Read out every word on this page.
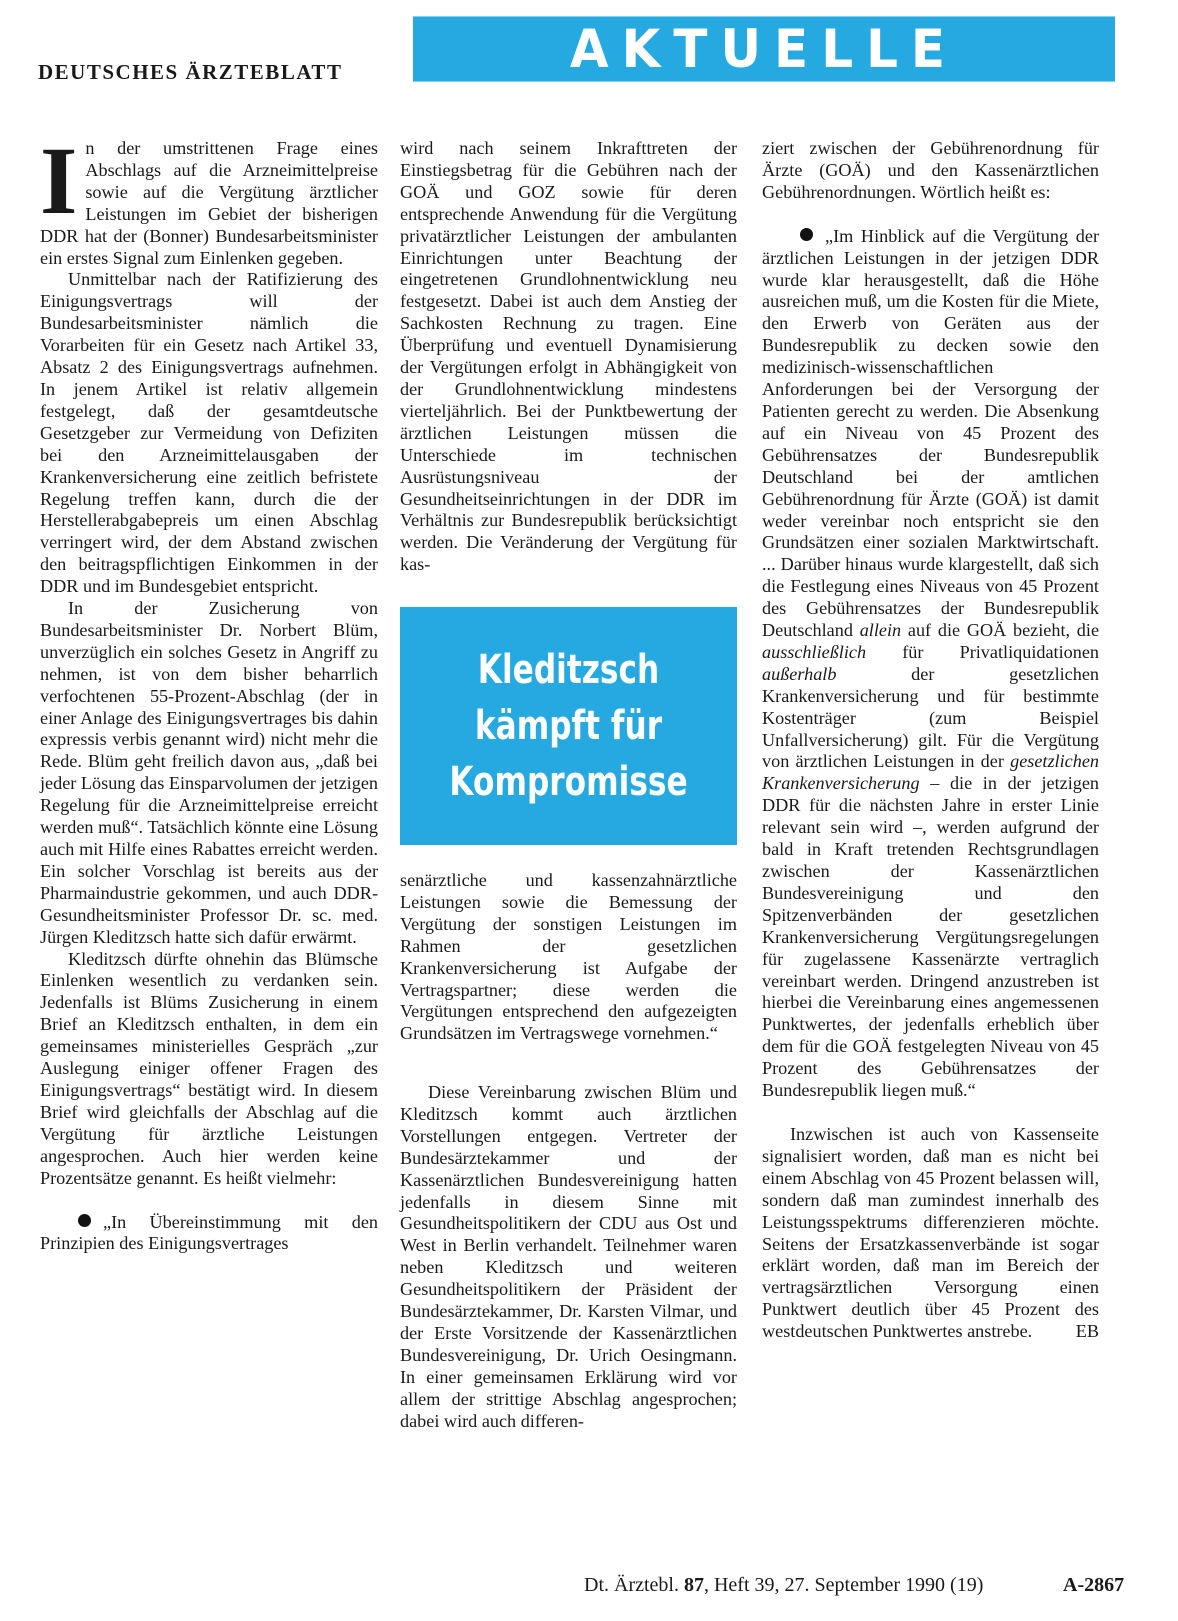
DEUTSCHES ÄRZTEBLATT	AKTUELLE POLITIK

In der umstrittenen Frage eines Abschlags auf die Arzneimittelpreise sowie auf die Vergütung ärztlicher Leistungen im Gebiet der bisherigen DDR hat der (Bonner) Bundesarbeitsminister ein erstes Signal zum Einlenken gegeben.

Unmittelbar nach der Ratifizierung des Einigungsvertrags will der Bundesarbeitsminister nämlich die Vorarbeiten für ein Gesetz nach Artikel 33, Absatz 2 des Einigungsvertrags aufnehmen. In jenem Artikel ist relativ allgemein festgelegt, daß der gesamtdeutsche Gesetzgeber zur Vermeidung von Defiziten bei den Arzneimittelausgaben der Krankenversicherung eine zeitlich befristete Regelung treffen kann, durch die der Herstellerabgabepreis um einen Abschlag verringert wird, der dem Abstand zwischen den beitragspflichtigen Einkommen in der DDR und im Bundesgebiet entspricht.

In der Zusicherung von Bundesarbeitsminister Dr. Norbert Blüm, unverzüglich ein solches Gesetz in Angriff zu nehmen, ist von dem bisher beharrlich verfochtenen 55-Prozent-Abschlag (der in einer Anlage des Einigungsvertrages bis dahin expressis verbis genannt wird) nicht mehr die Rede. Blüm geht freilich davon aus, „daß bei jeder Lösung das Einsparvolumen der jetzigen Regelung für die Arzneimittelpreise erreicht werden muß“. Tatsächlich könnte eine Lösung auch mit Hilfe eines Rabattes erreicht werden. Ein solcher Vorschlag ist bereits aus der Pharmaindustrie gekommen, und auch DDR-Gesundheitsminister Professor Dr. sc. med. Jürgen Kleditzsch hatte sich dafür erwärmt.

Kleditzsch dürfte ohnehin das Blümsche Einlenken wesentlich zu verdanken sein. Jedenfalls ist Blüms Zusicherung in einem Brief an Kleditzsch enthalten, in dem ein gemeinsames ministerielles Gespräch „zur Auslegung einiger offener Fragen des Einigungsvertrags“ bestätigt wird. In diesem Brief wird gleichfalls der Abschlag auf die Vergütung für ärztliche Leistungen angesprochen. Auch hier werden keine Prozentsätze genannt. Es heißt vielmehr:

„In Übereinstimmung mit den Prinzipien des Einigungsvertrages

wird nach seinem Inkrafttreten der Einstiegsbetrag für die Gebühren nach der GOÄ und GOZ sowie für deren entsprechende Anwendung für die Vergütung privatärztlicher Leistungen der ambulanten Einrichtungen unter Beachtung der eingetretenen Grundlohnentwicklung neu festgesetzt. Dabei ist auch dem Anstieg der Sachkosten Rechnung zu tragen. Eine Überprüfung und eventuell Dynamisierung der Vergütungen erfolgt in Abhängigkeit von der Grundlohnentwicklung mindestens vierteljährlich. Bei der Punktbewertung der ärztlichen Leistungen müssen die Unterschiede im technischen Ausrüstungsniveau der Gesundheitseinrichtungen in der DDR im Verhältnis zur Bundesrepublik berücksichtigt werden. Die Veränderung der Vergütung für kas-

Kleditzsch kämpft für Kompromisse

senärztliche und kassenzahnärztliche Leistungen sowie die Bemessung der Vergütung der sonstigen Leistungen im Rahmen der gesetzlichen Krankenversicherung ist Aufgabe der Vertragspartner; diese werden die Vergütungen entsprechend den aufgezeigten Grundsätzen im Vertragswege vornehmen.“

Diese Vereinbarung zwischen Blüm und Kleditzsch kommt auch ärztlichen Vorstellungen entgegen. Vertreter der Bundesärztekammer und der Kassenärztlichen Bundesvereinigung hatten jedenfalls in diesem Sinne mit Gesundheitspolitikern der CDU aus Ost und West in Berlin verhandelt. Teilnehmer waren neben Kleditzsch und weiteren Gesundheitspolitikern der Präsident der Bundesärztekammer, Dr. Karsten Vilmar, und der Erste Vorsitzende der Kassenärztlichen Bundesvereinigung, Dr. Urich Oesingmann. In einer gemeinsamen Erklärung wird vor allem der strittige Abschlag angesprochen; dabei wird auch differen-

ziert zwischen der Gebührenordnung für Ärzte (GOÄ) und den Kassenärztlichen Gebührenordnungen. Wörtlich heißt es:

„Im Hinblick auf die Vergütung der ärztlichen Leistungen in der jetzigen DDR wurde klar herausgestellt, daß die Höhe ausreichen muß, um die Kosten für die Miete, den Erwerb von Geräten aus der Bundesrepublik zu decken sowie den medizinisch-wissenschaftlichen Anforderungen bei der Versorgung der Patienten gerecht zu werden. Die Absenkung auf ein Niveau von 45 Prozent des Gebührensatzes der Bundesrepublik Deutschland bei der amtlichen Gebührenordnung für Ärzte (GOÄ) ist damit weder vereinbar noch entspricht sie den Grundsätzen einer sozialen Marktwirtschaft. ... Darüber hinaus wurde klargestellt, daß sich die Festlegung eines Niveaus von 45 Prozent des Gebührensatzes der Bundesrepublik Deutschland allein auf die GOÄ bezieht, die ausschließlich für Privatliquidationen außerhalb	der gesetzlichen Krankenversicherung und für bestimmte Kostenträger (zum Beispiel Unfallversicherung) gilt. Für die Vergütung von ärztlichen Leistungen in der gesetzlichen Krankenversicherung – die in der jetzigen DDR für die nächsten Jahre in erster Linie relevant sein wird –, werden aufgrund der bald in Kraft tretenden Rechtsgrundlagen zwischen der Kassenärztlichen Bundesvereinigung und den Spitzenverbänden der gesetzlichen Krankenversicherung Vergütungsregelungen für zugelassene Kassenärzte vertraglich vereinbart werden. Dringend anzustreben ist hierbei die Vereinbarung eines angemessenen Punktwertes, der jedenfalls erheblich über dem für die GOÄ festgelegten Niveau von 45 Prozent des Gebührensatzes der Bundesrepublik liegen muß.“

Inzwischen ist auch von Kassenseite signalisiert worden, daß man es nicht bei einem Abschlag von 45 Prozent belassen will, sondern daß man zumindest innerhalb des Leistungsspektrums differenzieren möchte. Seitens der Ersatzkassenverbände ist sogar erklärt worden, daß man im Bereich der vertragsärztlichen Versorgung einen Punktwert deutlich über 45 Prozent des westdeutschen Punktwertes anstrebe.	EB

Dt. Ärztebl. 87, Heft 39, 27. September 1990 (19)	A-2867
